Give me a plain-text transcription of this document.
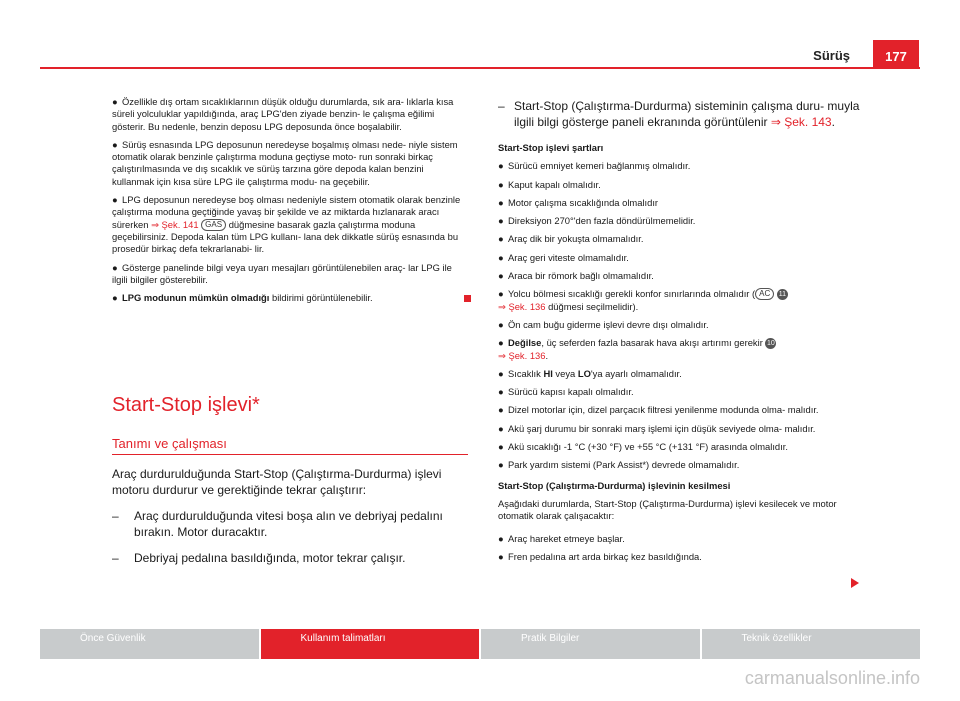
Sürüş	177

● Özellikle dış ortam sıcaklıklarının düşük olduğu durumlarda, sık ara- lıklarla kısa süreli yolculuklar yapıldığında, araç LPG'den ziyade benzin- le çalışma eğilimi gösterir. Bu nedenle, benzin deposu LPG deposunda önce boşalabilir.

● Sürüş esnasında LPG deposunun neredeyse boşalmış olması nede- niyle sistem otomatik olarak benzinle çalıştırma moduna geçtiyse moto- run sonraki birkaç çalıştırılmasında ve dış sıcaklık ve sürüş tarzına göre depoda kalan benzini kullanmak için kısa süre LPG ile çalıştırma modu- na geçebilir.

● LPG deposunun neredeyse boş olması nedeniyle sistem otomatik olarak benzinle çalıştırma moduna geçtiğinde yavaş bir şekilde ve az miktarda hızlanarak aracı sürerken ⇒ Şek. 141 GAS düğmesine basarak gazla çalıştırma moduna geçebilirsiniz. Depoda kalan tüm LPG kullanı- lana dek dikkatle sürüş esnasında bu prosedür birkaç defa tekrarlanabi- lir.

● Gösterge panelinde bilgi veya uyarı mesajları görüntülenebilen araç- lar LPG ile ilgili bilgiler gösterebilir.

● LPG modunun mümkün olmadığı bildirimi görüntülenebilir.

Start-Stop işlevi*
Tanımı ve çalışması
Araç durdurulduğunda Start-Stop (Çalıştırma-Durdurma) işlevi motoru durdurur ve gerektiğinde tekrar çalıştırır:
–	Araç durdurulduğunda vitesi boşa alın ve debriyaj pedalını bırakın. Motor duracaktır.
–	Debriyaj pedalına basıldığında, motor tekrar çalışır.
– Start-Stop (Çalıştırma-Durdurma) sisteminin çalışma duru- muyla ilgili bilgi gösterge paneli ekranında görüntülenir ⇒ Şek. 143.

Start-Stop işlevi şartları

● Sürücü emniyet kemeri bağlanmış olmalıdır.

● Kaput kapalı olmalıdır.

● Motor çalışma sıcaklığında olmalıdır

● Direksiyon 270°'den fazla döndürülmemelidir.

● Araç dik bir yokuşta olmamalıdır.

● Araç geri viteste olmamalıdır.

● Araca bir römork bağlı olmamalıdır.

● Yolcu bölmesi sıcaklığı gerekli konfor sınırlarında olmalıdır ( AC 11
⇒ Şek. 136 düğmesi seçilmelidir).

● Ön cam buğu giderme işlevi devre dışı olmalıdır.

● Değilse, üç seferden fazla basarak hava akışı artırımı gerekir 10
⇒ Şek. 136.

● Sıcaklık HI veya LO'ya ayarlı olmamalıdır.

● Sürücü kapısı kapalı olmalıdır.

● Dizel motorlar için, dizel parçacık filtresi yenilenme modunda olma- malıdır.

● Akü şarj durumu bir sonraki marş işlemi için düşük seviyede olma- malıdır.

● Akü sıcaklığı -1 °C (+30 °F) ve +55 °C (+131 °F) arasında olmalıdır.

● Park yardım sistemi (Park Assist*) devrede olmamalıdır.

Start-Stop (Çalıştırma-Durdurma) işlevinin kesilmesi

Aşağıdaki durumlarda, Start-Stop (Çalıştırma-Durdurma) işlevi kesilecek ve motor otomatik olarak çalışacaktır:

● Araç hareket etmeye başlar.

● Fren pedalına art arda birkaç kez basıldığında.

Önce Güvenlik	Kullanım talimatları	Pratik Bilgiler	Teknik özellikler
carmanualsonline.info
